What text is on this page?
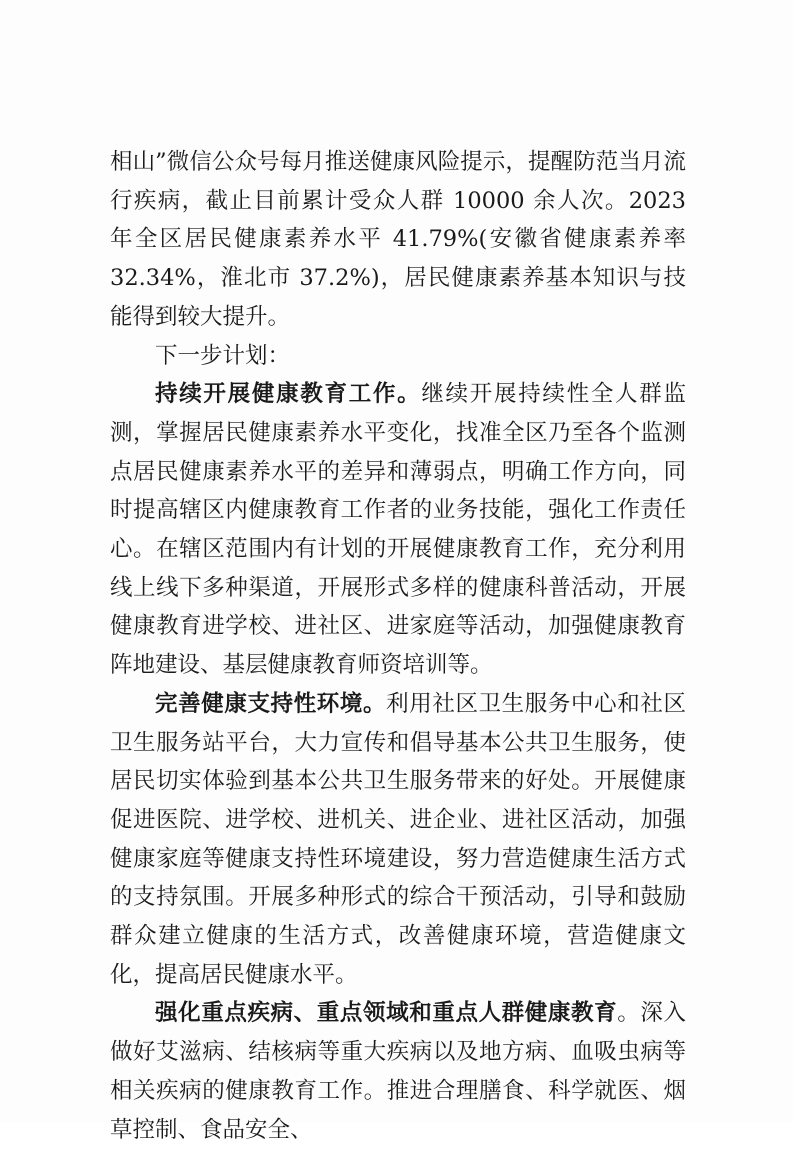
相山”微信公众号每月推送健康风险提示，提醒防范当月流行疾病，截止目前累计受众人群 10000 余人次。2023 年全区居民健康素养水平 41.79%(安徽省健康素养率 32.34%，淮北市 37.2%)，居民健康素养基本知识与技能得到较大提升。

下一步计划：

持续开展健康教育工作。继续开展持续性全人群监测，掌握居民健康素养水平变化，找准全区乃至各个监测点居民健康素养水平的差异和薄弱点，明确工作方向，同时提高辖区内健康教育工作者的业务技能，强化工作责任心。在辖区范围内有计划的开展健康教育工作，充分利用线上线下多种渠道，开展形式多样的健康科普活动，开展健康教育进学校、进社区、进家庭等活动，加强健康教育阵地建设、基层健康教育师资培训等。

完善健康支持性环境。利用社区卫生服务中心和社区卫生服务站平台，大力宣传和倡导基本公共卫生服务，使居民切实体验到基本公共卫生服务带来的好处。开展健康促进医院、进学校、进机关、进企业、进社区活动，加强健康家庭等健康支持性环境建设，努力营造健康生活方式的支持氛围。开展多种形式的综合干预活动，引导和鼓励群众建立健康的生活方式，改善健康环境，营造健康文化，提高居民健康水平。

强化重点疾病、重点领域和重点人群健康教育。深入做好艾滋病、结核病等重大疾病以及地方病、血吸虫病等相关疾病的健康教育工作。推进合理膳食、科学就医、烟草控制、食品安全、
